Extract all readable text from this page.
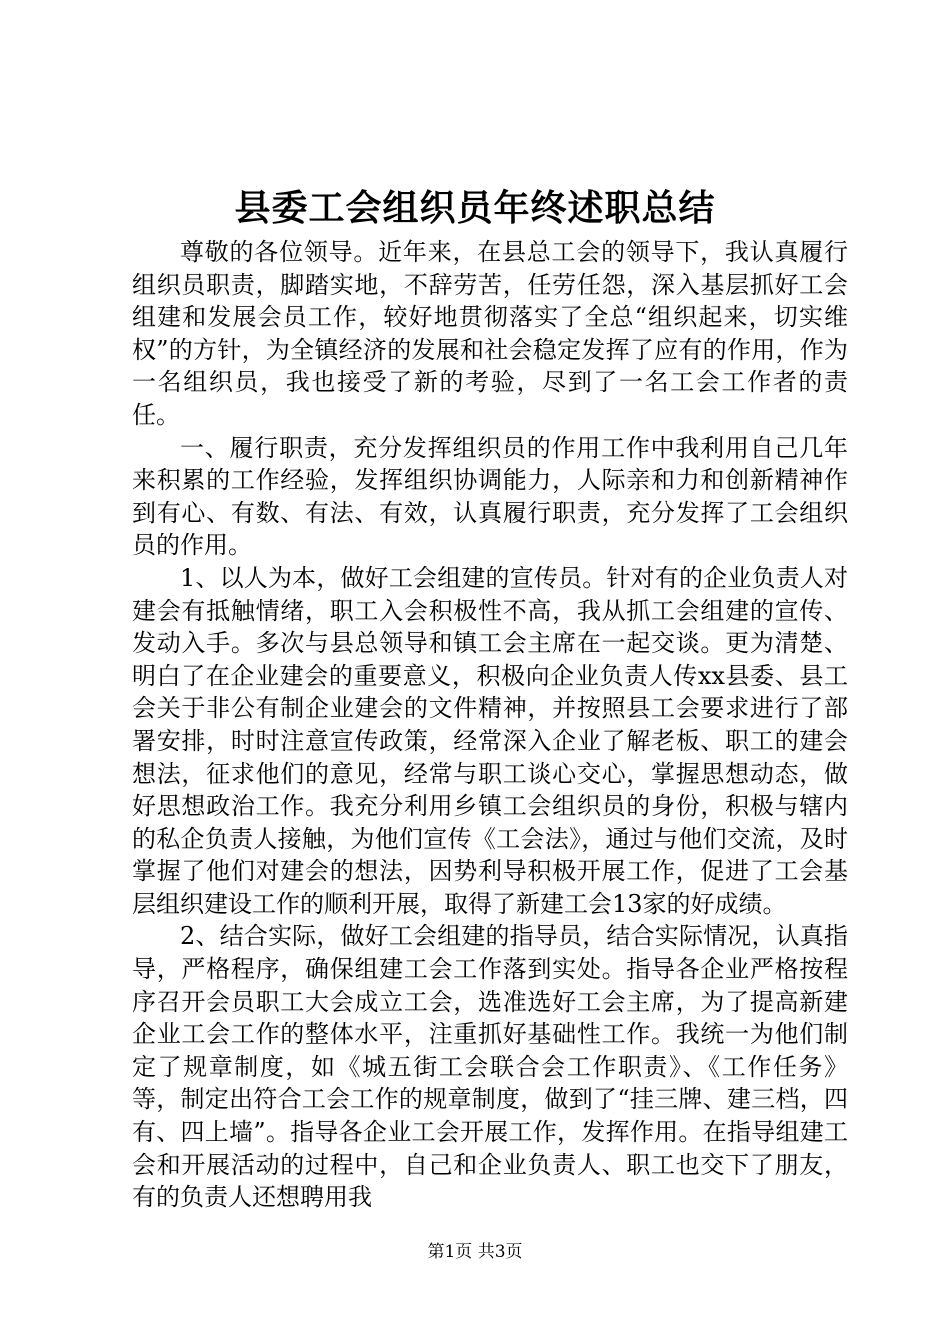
县委工会组织员年终述职总结

尊敬的各位领导。近年来，在县总工会的领导下，我认真履行组织员职责，脚踏实地，不辞劳苦，任劳任怨，深入基层抓好工会组建和发展会员工作，较好地贯彻落实了全总“组织起来，切实维权”的方针，为全镇经济的发展和社会稳定发挥了应有的作用，作为一名组织员，我也接受了新的考验，尽到了一名工会工作者的责任。

一、履行职责，充分发挥组织员的作用工作中我利用自己几年来积累的工作经验，发挥组织协调能力，人际亲和力和创新精神作到有心、有数、有法、有效，认真履行职责，充分发挥了工会组织员的作用。

1、以人为本，做好工会组建的宣传员。针对有的企业负责人对建会有抵触情绪，职工入会积极性不高，我从抓工会组建的宣传、发动入手。多次与县总领导和镇工会主席在一起交谈。更为清楚、明白了在企业建会的重要意义，积极向企业负责人传xx县委、县工会关于非公有制企业建会的文件精神，并按照县工会要求进行了部署安排，时时注意宣传政策，经常深入企业了解老板、职工的建会想法，征求他们的意见，经常与职工谈心交心，掌握思想动态，做好思想政治工作。我充分利用乡镇工会组织员的身份，积极与辖内的私企负责人接触，为他们宣传《工会法》，通过与他们交流，及时掌握了他们对建会的想法，因势利导积极开展工作，促进了工会基层组织建设工作的顺利开展，取得了新建工会13家的好成绩。

2、结合实际，做好工会组建的指导员，结合实际情况，认真指导，严格程序，确保组建工会工作落到实处。指导各企业严格按程序召开会员职工大会成立工会，选准选好工会主席，为了提高新建企业工会工作的整体水平，注重抓好基础性工作。我统一为他们制定了规章制度，如《城五街工会联合会工作职责》、《工作任务》等，制定出符合工会工作的规章制度，做到了“挂三牌、建三档，四有、四上墙”。指导各企业工会开展工作，发挥作用。在指导组建工会和开展活动的过程中，自己和企业负责人、职工也交下了朋友，有的负责人还想聘用我

第1页 共3页
